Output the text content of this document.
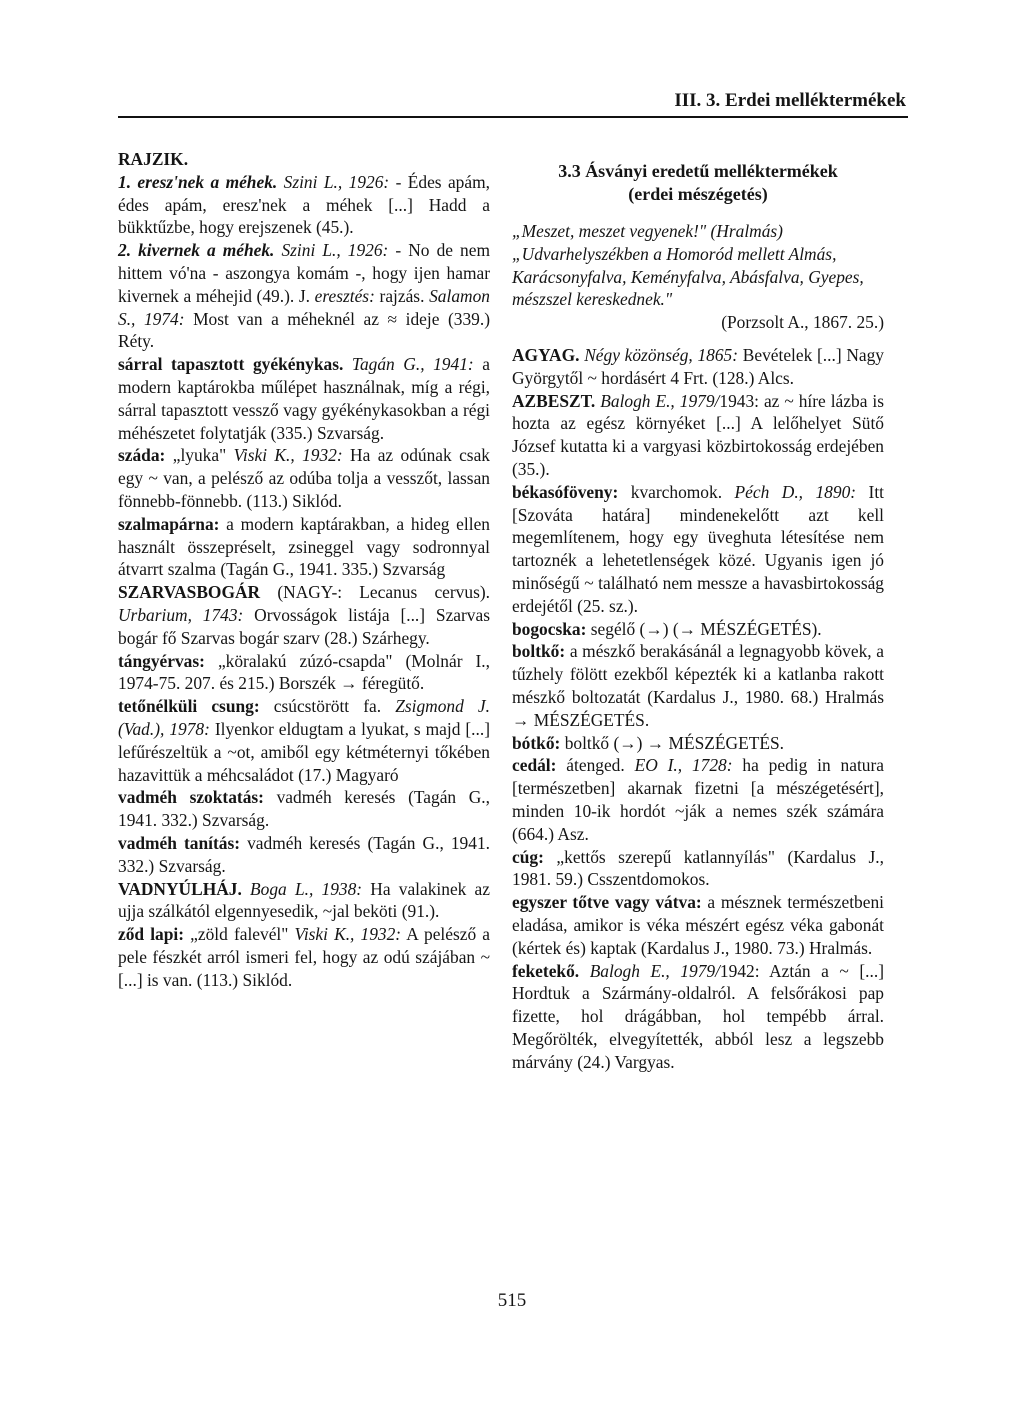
III. 3. Erdei melléktermékek

RAJZIK.

1. eresz'nek a méhek. Szini L., 1926: - Édes apám, édes apám, eresz'nek a méhek [...] Hadd a bükktűzbe, hogy erejszenek (45.).

2. kivernek a méhek. Szini L., 1926: - No de nem hittem vó'na - aszongya komám -, hogy ijen hamar kivernek a méhejid (49.). J. eresztés: rajzás. Salamon S., 1974: Most van a méheknél az ≈ ideje (339.) Réty.

sárral tapasztott gyékénykas. Tagán G., 1941: a modern kaptárokba műlépet használnak, míg a régi, sárral tapasztott vessző vagy gyékénykasokban a régi méhészetet folytatják (335.) Szvarság.

száda: „lyuka" Viski K., 1932: Ha az odúnak csak egy ~ van, a pelésző az odúba tolja a vesszőt, lassan fönnebb-fönnebb. (113.) Siklód.

szalmapárna: a modern kaptárakban, a hideg ellen használt összepréselt, zsineggel vagy sodronnyal átvarrt szalma (Tagán G., 1941. 335.) Szvarság

SZARVASBOGÁR (NAGY-: Lecanus cervus). Urbarium, 1743: Orvosságok listája [...] Szarvas bogár fő Szarvas bogár szarv (28.) Szárhegy.

tángyérvas: „köralakú zúzó-csapda" (Molnár I., 1974-75. 207. és 215.) Borszék → féregütő.

tetőnélküli csung: csúcstörött fa. Zsigmond J. (Vad.), 1978: Ilyenkor eldugtam a lyukat, s majd [...] lefűrészeltük a ~ot, amiből egy kétméternyi tőkében hazavittük a méhcsaládot (17.) Magyaró

vadméh szoktatás: vadméh keresés (Tagán G., 1941. 332.) Szvarság.

vadméh tanítás: vadméh keresés (Tagán G., 1941. 332.) Szvarság.

VADNYÚLHÁJ. Boga L., 1938: Ha valakinek az ujja szálkától elgennyesedik, ~jal beköti (91.).

ződ lapi: „zöld falevél" Viski K., 1932: A pelésző a pele fészkét arról ismeri fel, hogy az odú szájában ~ [...] is van. (113.) Siklód.

3.3 Ásványi eredetű melléktermékek
(erdei mészégetés)

„Meszet, meszet vegyenek!" (Hralmás)

„Udvarhelyszékben a Homoród mellett Almás, Karácsonyfalva, Keményfalva, Abásfalva, Gyepes, mészszel kereskednek."

(Porzsolt A., 1867. 25.)

AGYAG. Négy közönség, 1865: Bevételek [...] Nagy Györgytől ~ hordásért 4 Frt. (128.) Alcs.

AZBESZT. Balogh E., 1979/1943: az ~ híre lázba is hozta az egész környéket [...] A lelőhelyet Sütő József kutatta ki a vargyasi közbirtokosság erdejében (35.).

békasóföveny: kvarchomok. Péch D., 1890: Itt [Szováta határa] mindenekelőtt azt kell megemlítenem, hogy egy üveghuta létesítése nem tartoznék a lehetetlenségek közé. Ugyanis igen jó minőségű ~ található nem messze a havasbirtokosság erdejétől (25. sz.).

bogocska: segélő (→) (→ MÉSZÉGETÉS).

boltkő: a mészkő berakásánál a legnagyobb kövek, a tűzhely fölött ezekből képezték ki a katlanba rakott mészkő boltozatát (Kardalus J., 1980. 68.) Hralmás → MÉSZÉGETÉS.

bótkő: boltkő (→) → MÉSZÉGETÉS.

cedál: átenged. EO I., 1728: ha pedig in natura [természetben] akarnak fizetni [a mészégetésért], minden 10-ik hordót ~ják a nemes szék számára (664.) Asz.

cúg: „kettős szerepű katlannyílás" (Kardalus J., 1981. 59.) Csszentdomokos.

egyszer tőtve vagy vátva: a mésznek természetbeni eladása, amikor is véka mészért egész véka gabonát (kértek és) kaptak (Kardalus J., 1980. 73.) Hralmás.

feketekő. Balogh E., 1979/1942: Aztán a ~ [...] Hordtuk a Szármány-oldalról. A felsőrákosi pap fizette, hol drágábban, hol tempébb árral. Megőrölték, elvegyítették, abból lesz a legszebb márvány (24.) Vargyas.

515
